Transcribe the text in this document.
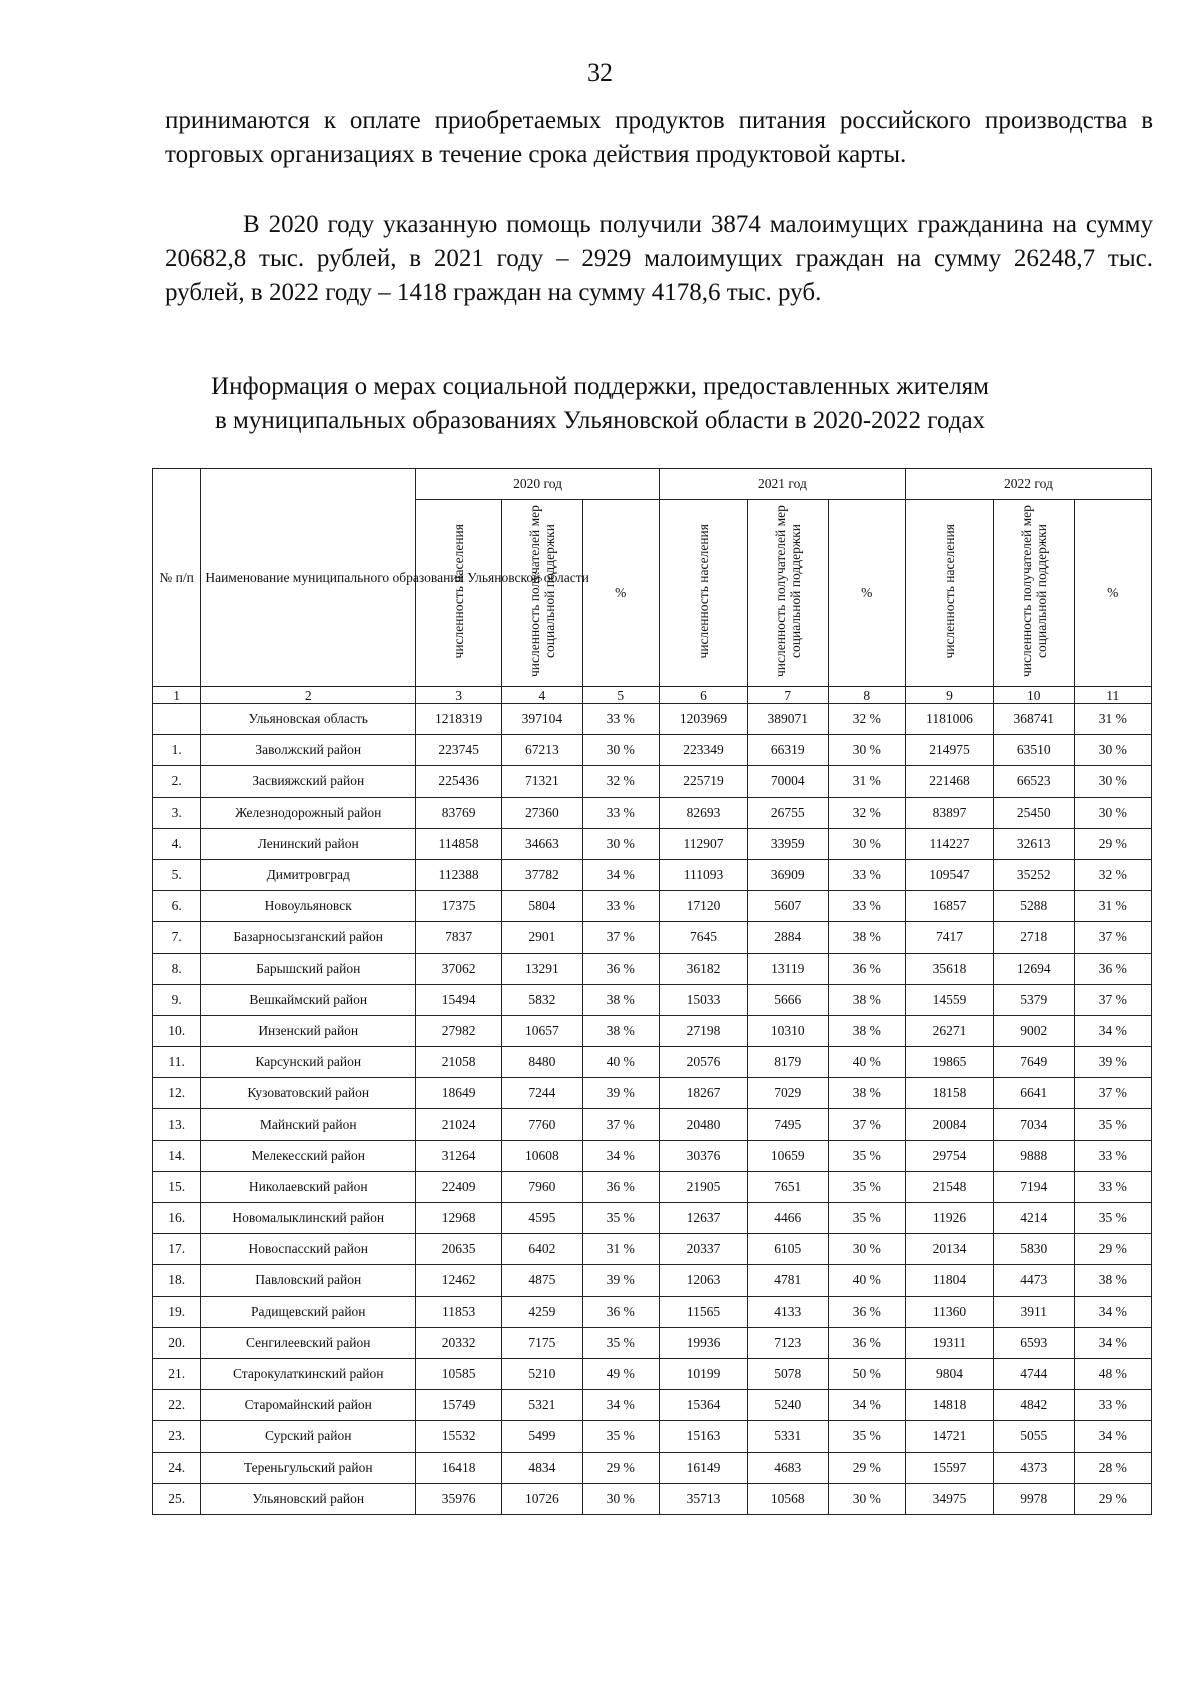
32
принимаются к оплате приобретаемых продуктов питания российского производства в торговых организациях в течение срока действия продуктовой карты.
В 2020 году указанную помощь получили 3874 малоимущих гражданина на сумму 20682,8 тыс. рублей, в 2021 году – 2929 малоимущих граждан на сумму 26248,7 тыс. рублей, в 2022 году – 1418 граждан на сумму 4178,6 тыс. руб.
Информация о мерах социальной поддержки, предоставленных жителям
в муниципальных образованиях Ульяновской области в 2020-2022 годах
№ п/п	Наименование муниципального образования Ульяновской области	2020 год			2021 год			2022 год		
		численность населения	численность получателей мер социальной поддержки	%	численность населения	численность получателей мер социальной поддержки	%	численность населения	численность получателей мер социальной поддержки	%
1	2	3	4	5	6	7	8	9	10	11
	Ульяновская область	1218319	397104	33 %	1203969	389071	32 %	1181006	368741	31 %
1.	Заволжский район	223745	67213	30 %	223349	66319	30 %	214975	63510	30 %
2.	Засвияжский район	225436	71321	32 %	225719	70004	31 %	221468	66523	30 %
3.	Железнодорожный район	83769	27360	33 %	82693	26755	32 %	83897	25450	30 %
4.	Ленинский район	114858	34663	30 %	112907	33959	30 %	114227	32613	29 %
5.	Димитровград	112388	37782	34 %	111093	36909	33 %	109547	35252	32 %
6.	Новоульяновск	17375	5804	33 %	17120	5607	33 %	16857	5288	31 %
7.	Базарносызганский район	7837	2901	37 %	7645	2884	38 %	7417	2718	37 %
8.	Барышский район	37062	13291	36 %	36182	13119	36 %	35618	12694	36 %
9.	Вешкаймский район	15494	5832	38 %	15033	5666	38 %	14559	5379	37 %
10.	Инзенский район	27982	10657	38 %	27198	10310	38 %	26271	9002	34 %
11.	Карсунский район	21058	8480	40 %	20576	8179	40 %	19865	7649	39 %
12.	Кузоватовский район	18649	7244	39 %	18267	7029	38 %	18158	6641	37 %
13.	Майнский район	21024	7760	37 %	20480	7495	37 %	20084	7034	35 %
14.	Мелекесский район	31264	10608	34 %	30376	10659	35 %	29754	9888	33 %
15.	Николаевский район	22409	7960	36 %	21905	7651	35 %	21548	7194	33 %
16.	Новомалыклинский район	12968	4595	35 %	12637	4466	35 %	11926	4214	35 %
17.	Новоспасский район	20635	6402	31 %	20337	6105	30 %	20134	5830	29 %
18.	Павловский район	12462	4875	39 %	12063	4781	40 %	11804	4473	38 %
19.	Радищевский район	11853	4259	36 %	11565	4133	36 %	11360	3911	34 %
20.	Сенгилеевский район	20332	7175	35 %	19936	7123	36 %	19311	6593	34 %
21.	Старокулаткинский район	10585	5210	49 %	10199	5078	50 %	9804	4744	48 %
22.	Старомайнский район	15749	5321	34 %	15364	5240	34 %	14818	4842	33 %
23.	Сурский район	15532	5499	35 %	15163	5331	35 %	14721	5055	34 %
24.	Тереньгульский район	16418	4834	29 %	16149	4683	29 %	15597	4373	28 %
25.	Ульяновский район	35976	10726	30 %	35713	10568	30 %	34975	9978	29 %
